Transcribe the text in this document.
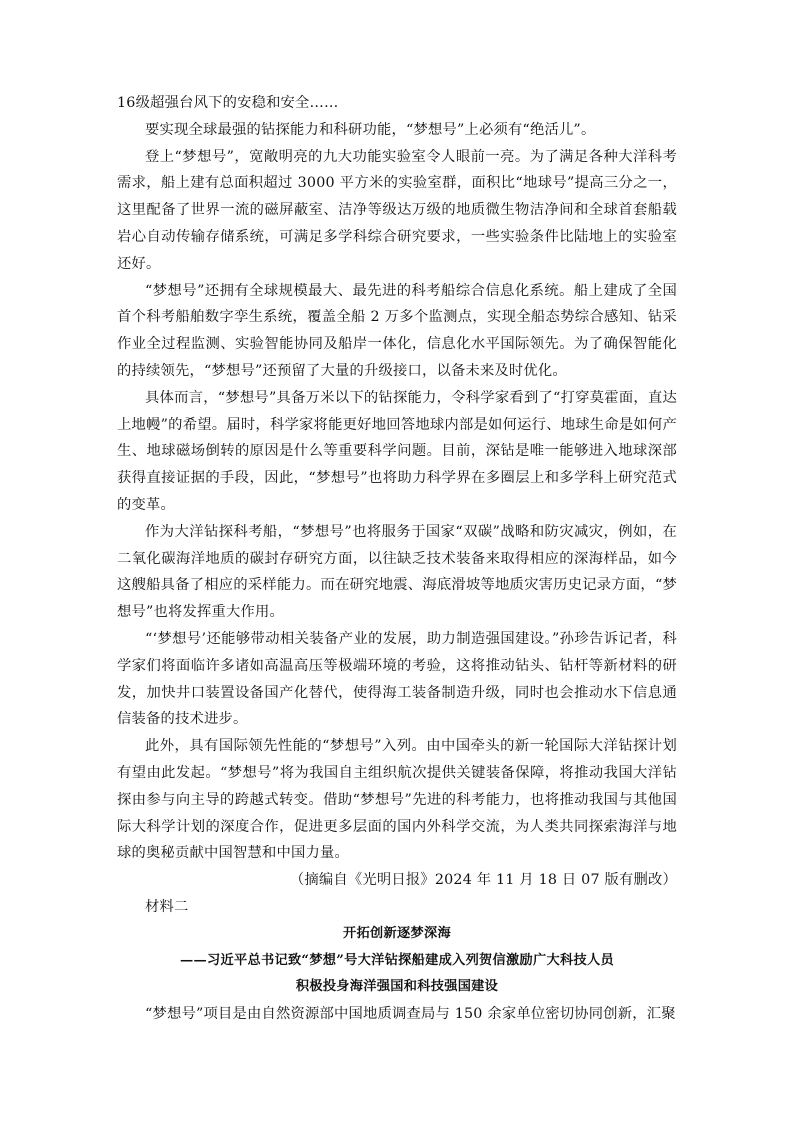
16级超强台风下的安稳和安全……

要实现全球最强的钻探能力和科研功能，“梦想号”上必须有“绝活儿”。

登上“梦想号”，宽敞明亮的九大功能实验室令人眼前一亮。为了满足各种大洋科考需求，船上建有总面积超过 3000 平方米的实验室群，面积比“地球号”提高三分之一，这里配备了世界一流的磁屏蔽室、洁净等级达万级的地质微生物洁净间和全球首套船载岩心自动传输存储系统，可满足多学科综合研究要求，一些实验条件比陆地上的实验室还好。

“梦想号”还拥有全球规模最大、最先进的科考船综合信息化系统。船上建成了全国首个科考船舶数字孪生系统，覆盖全船 2 万多个监测点，实现全船态势综合感知、钻采作业全过程监测、实验智能协同及船岸一体化，信息化水平国际领先。为了确保智能化的持续领先，“梦想号”还预留了大量的升级接口，以备未来及时优化。

具体而言，“梦想号”具备万米以下的钻探能力，令科学家看到了“打穿莫霍面，直达上地幔”的希望。届时，科学家将能更好地回答地球内部是如何运行、地球生命是如何产生、地球磁场倒转的原因是什么等重要科学问题。目前，深钻是唯一能够进入地球深部获得直接证据的手段，因此，“梦想号”也将助力科学界在多圈层上和多学科上研究范式的变革。

作为大洋钻探科考船，“梦想号”也将服务于国家“双碳”战略和防灾减灾，例如，在二氧化碳海洋地质的碳封存研究方面，以往缺乏技术装备来取得相应的深海样品，如今这艘船具备了相应的采样能力。而在研究地震、海底滑坡等地质灾害历史记录方面，“梦想号”也将发挥重大作用。

“‘梦想号’还能够带动相关装备产业的发展，助力制造强国建设。”孙珍告诉记者，科学家们将面临许多诸如高温高压等极端环境的考验，这将推动钻头、钻杆等新材料的研发，加快井口装置设备国产化替代，使得海工装备制造升级，同时也会推动水下信息通信装备的技术进步。

此外，具有国际领先性能的“梦想号”入列。由中国牵头的新一轮国际大洋钻探计划有望由此发起。“梦想号”将为我国自主组织航次提供关键装备保障，将推动我国大洋钻探由参与向主导的跨越式转变。借助“梦想号”先进的科考能力，也将推动我国与其他国际大科学计划的深度合作，促进更多层面的国内外科学交流，为人类共同探索海洋与地球的奥秘贡献中国智慧和中国力量。

（摘编自《光明日报》2024 年 11 月 18 日 07 版有删改）

材料二

开拓创新逐梦深海

——习近平总书记致“梦想”号大洋钻探船建成入列贺信激励广大科技人员

积极投身海洋强国和科技强国建设

“梦想号”项目是由自然资源部中国地质调查局与 150 余家单位密切协同创新，汇聚
